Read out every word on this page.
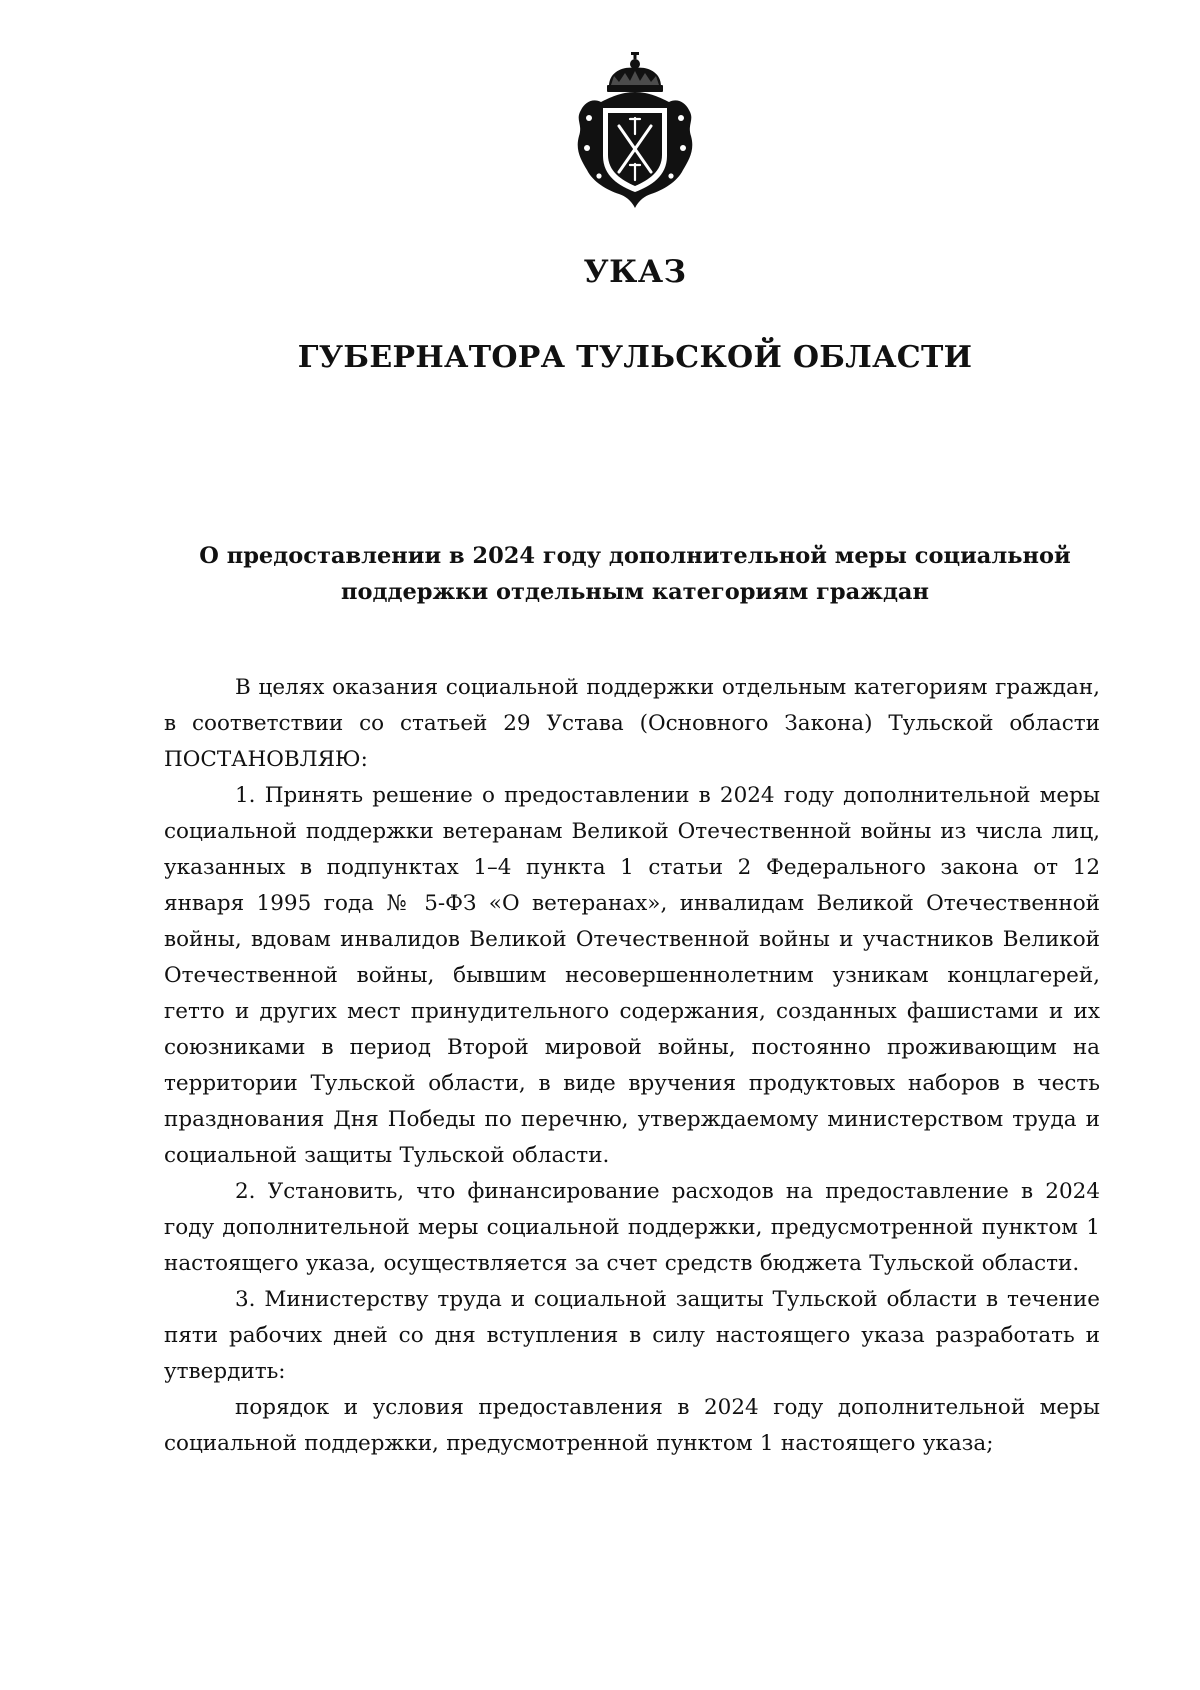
УКАЗ
ГУБЕРНАТОРА ТУЛЬСКОЙ ОБЛАСТИ
О предоставлении в 2024 году дополнительной меры социальной
поддержки отдельным категориям граждан

В целях оказания социальной поддержки отдельным категориям граждан, в соответствии со статьей 29 Устава (Основного Закона) Тульской области ПОСТАНОВЛЯЮ:

1. Принять решение о предоставлении в 2024 году дополнительной меры социальной поддержки ветеранам Великой Отечественной войны из числа лиц, указанных в подпунктах 1–4 пункта 1 статьи 2 Федерального закона от 12 января 1995 года № 5-ФЗ «О ветеранах», инвалидам Великой Отечественной войны, вдовам инвалидов Великой Отечественной войны и участников Великой Отечественной войны, бывшим несовершеннолетним узникам концлагерей, гетто и других мест принудительного содержания, созданных фашистами и их союзниками в период Второй мировой войны, постоянно проживающим на территории Тульской области, в виде вручения продуктовых наборов в честь празднования Дня Победы по перечню, утверждаемому министерством труда и социальной защиты Тульской области.

2. Установить, что финансирование расходов на предоставление в 2024 году дополнительной меры социальной поддержки, предусмотренной пунктом 1 настоящего указа, осуществляется за счет средств бюджета Тульской области.

3. Министерству труда и социальной защиты Тульской области в течение пяти рабочих дней со дня вступления в силу настоящего указа разработать и утвердить:

порядок и условия предоставления в 2024 году дополнительной меры социальной поддержки, предусмотренной пунктом 1 настоящего указа;
